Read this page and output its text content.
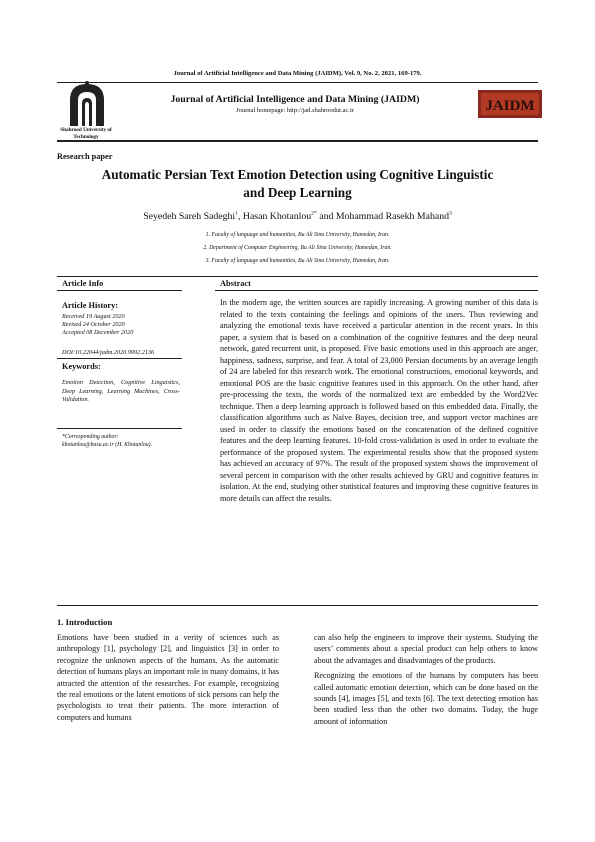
Journal of Artificial Intelligence and Data Mining (JAIDM), Vol. 9, No. 2, 2021, 169-179.
Shahrood University of
Technology
Journal of Artificial Intelligence and Data Mining (JAIDM)
Journal homepage: http://jad.shahroodut.ac.ir	JAIDM
Research paper
Automatic Persian Text Emotion Detection using Cognitive Linguistic
and Deep Learning
Seyedeh Sareh Sadeghi$^1$, Hasan Khotanlou$^{2*}$ and Mohammad Rasekh Mahand$^3$
1. Faculty of language and humanities, Bu Ali Sina University, Hamedan, Iran.
2. Department of Computer Engineering, Bu Ali Sina University, Hamedan, Iran.
3. Faculty of language and humanities, Bu Ali Sina University, Hamedan, Iran.
Article Info	Abstract
Article History:
Received 19 August 2020
Revised 24 October 2020
Accepted 08 December 2020
DOI:10.22044/jadm.2020.9992.2136
Keywords:
Emotion Detection, Cognitive Linguistics, Deep Learning, Learning Machines, Cross-Validation.
*Corresponding author:
khotanlou@basu.ac.ir (H. Khotanlou).
In the modern age, the written sources are rapidly increasing. A growing number of this data is related to the texts containing the feelings and opinions of the users. Thus reviewing and analyzing the emotional texts have received a particular attention in the recent years. In this paper, a system that is based on a combination of the cognitive features and the deep neural network, gated recurrent unit, is proposed. Five basic emotions used in this approach are anger, happiness, sadness, surprise, and fear. A total of 23,000 Persian documents by an average length of 24 are labeled for this research work. The emotional constructions, emotional keywords, and emotional POS are the basic cognitive features used in this approach. On the other hand, after pre-processing the texts, the words of the normalized text are embedded by the Word2Vec technique. Then a deep learning approach is followed based on this embedded data. Finally, the classification algorithms such as Naïve Bayes, decision tree, and support vector machines are used in order to classify the emotions based on the concatenation of the defined cognitive features and the deep learning features. 10-fold cross-validation is used in order to evaluate the performance of the proposed system. The experimental results show that the proposed system has achieved an accuracy of 97%. The result of the proposed system shows the improvement of several percent in comparison with the other results achieved by GRU and cognitive features in isolation. At the end, studying other statistical features and improving these cognitive features in more details can affect the results.
1. Introduction

Emotions have been studied in a verity of sciences such as anthropology [1], psychology [2], and linguistics [3] in order to recognize the unknown aspects of the humans. As the automatic detection of humans plays an important role in many domains, it has attracted the attention of the researches. For example, recognizing the real emotions or the latent emotions of sick persons can help the psychologists to treat their patients. The more interaction of computers and humans

can also help the engineers to improve their systems. Studying the users’ comments about a special product can help others to know about the advantages and disadvantages of the products.

Recognizing the emotions of the humans by computers has been called automatic emotion detection, which can be done based on the sounds [4], images [5], and texts [6]. The text detecting emotion has been studied less than the other two domains. Today, the huge amount of information
